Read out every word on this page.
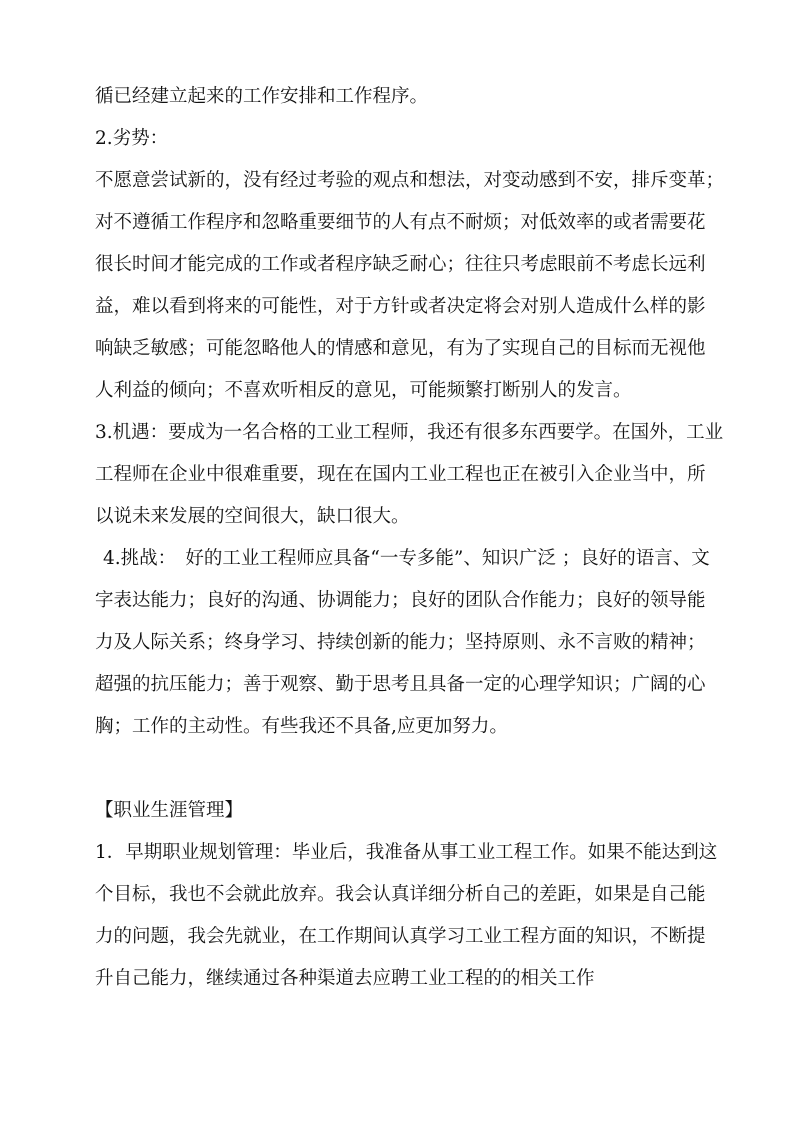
循已经建立起来的工作安排和工作程序。
2.劣势：
不愿意尝试新的，没有经过考验的观点和想法，对变动感到不安，排斥变革；
对不遵循工作程序和忽略重要细节的人有点不耐烦；对低效率的或者需要花
很长时间才能完成的工作或者程序缺乏耐心；往往只考虑眼前不考虑长远利
益，难以看到将来的可能性，对于方针或者决定将会对别人造成什么样的影
响缺乏敏感；可能忽略他人的情感和意见，有为了实现自己的目标而无视他
人利益的倾向；不喜欢听相反的意见，可能频繁打断别人的发言。
3.机遇：要成为一名合格的工业工程师，我还有很多东西要学。在国外，工业
工程师在企业中很难重要，现在在国内工业工程也正在被引入企业当中，所
以说未来发展的空间很大，缺口很大。
4.挑战：　好的工业工程师应具备“一专多能”、知识广泛 ；良好的语言、文
字表达能力；良好的沟通、协调能力；良好的团队合作能力；良好的领导能
力及人际关系；终身学习、持续创新的能力；坚持原则、永不言败的精神；
超强的抗压能力；善于观察、勤于思考且具备一定的心理学知识；广阔的心
胸；工作的主动性。有些我还不具备,应更加努力。
【职业生涯管理】
1．早期职业规划管理：毕业后，我准备从事工业工程工作。如果不能达到这
个目标，我也不会就此放弃。我会认真详细分析自己的差距，如果是自己能
力的问题，我会先就业，在工作期间认真学习工业工程方面的知识，不断提
升自己能力，继续通过各种渠道去应聘工业工程的的相关工作
